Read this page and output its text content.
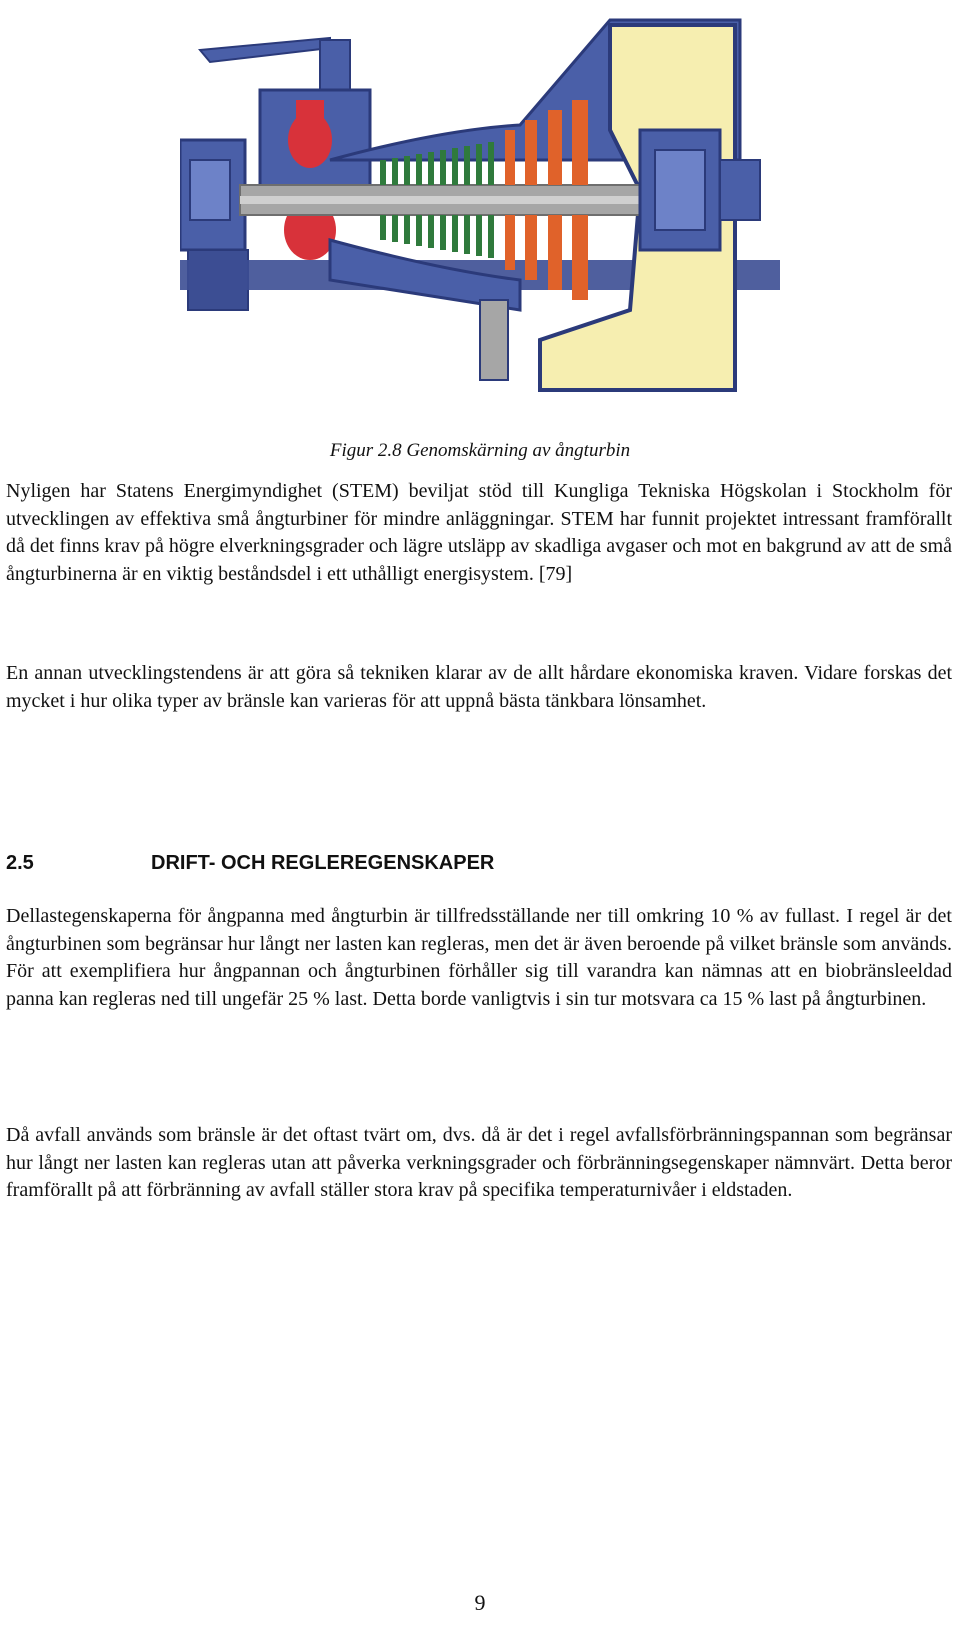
Figur 2.8 Genomskärning av ångturbin

Nyligen har Statens Energimyndighet (STEM) beviljat stöd till Kungliga Tekniska Högskolan i Stockholm för utvecklingen av effektiva små ångturbiner för mindre anläggningar. STEM har funnit projektet intressant framförallt då det finns krav på högre elverkningsgrader och lägre utsläpp av skadliga avgaser och mot en bakgrund av att de små ångturbinerna är en viktig beståndsdel i ett uthålligt energisystem. [79]

En annan utvecklingstendens är att göra så tekniken klarar av de allt hårdare ekonomiska kraven. Vidare forskas det mycket i hur olika typer av bränsle kan varieras för att uppnå bästa tänkbara lönsamhet.

2.5	DRIFT- OCH REGLEREGENSKAPER

Dellastegenskaperna för ångpanna med ångturbin är tillfredsställande ner till omkring 10 % av fullast. I regel är det ångturbinen som begränsar hur långt ner lasten kan regleras, men det är även beroende på vilket bränsle som används. För att exemplifiera hur ångpannan och ångturbinen förhåller sig till varandra kan nämnas att en biobränsleeldad panna kan regleras ned till ungefär 25 % last. Detta borde vanligtvis i sin tur motsvara ca 15 % last på ångturbinen.

Då avfall används som bränsle är det oftast tvärt om, dvs. då är det i regel avfallsförbränningspannan som begränsar hur långt ner lasten kan regleras utan att påverka verkningsgrader och förbränningsegenskaper nämnvärt. Detta beror framförallt på att förbränning av avfall ställer stora krav på specifika temperaturnivåer i eldstaden.

9
